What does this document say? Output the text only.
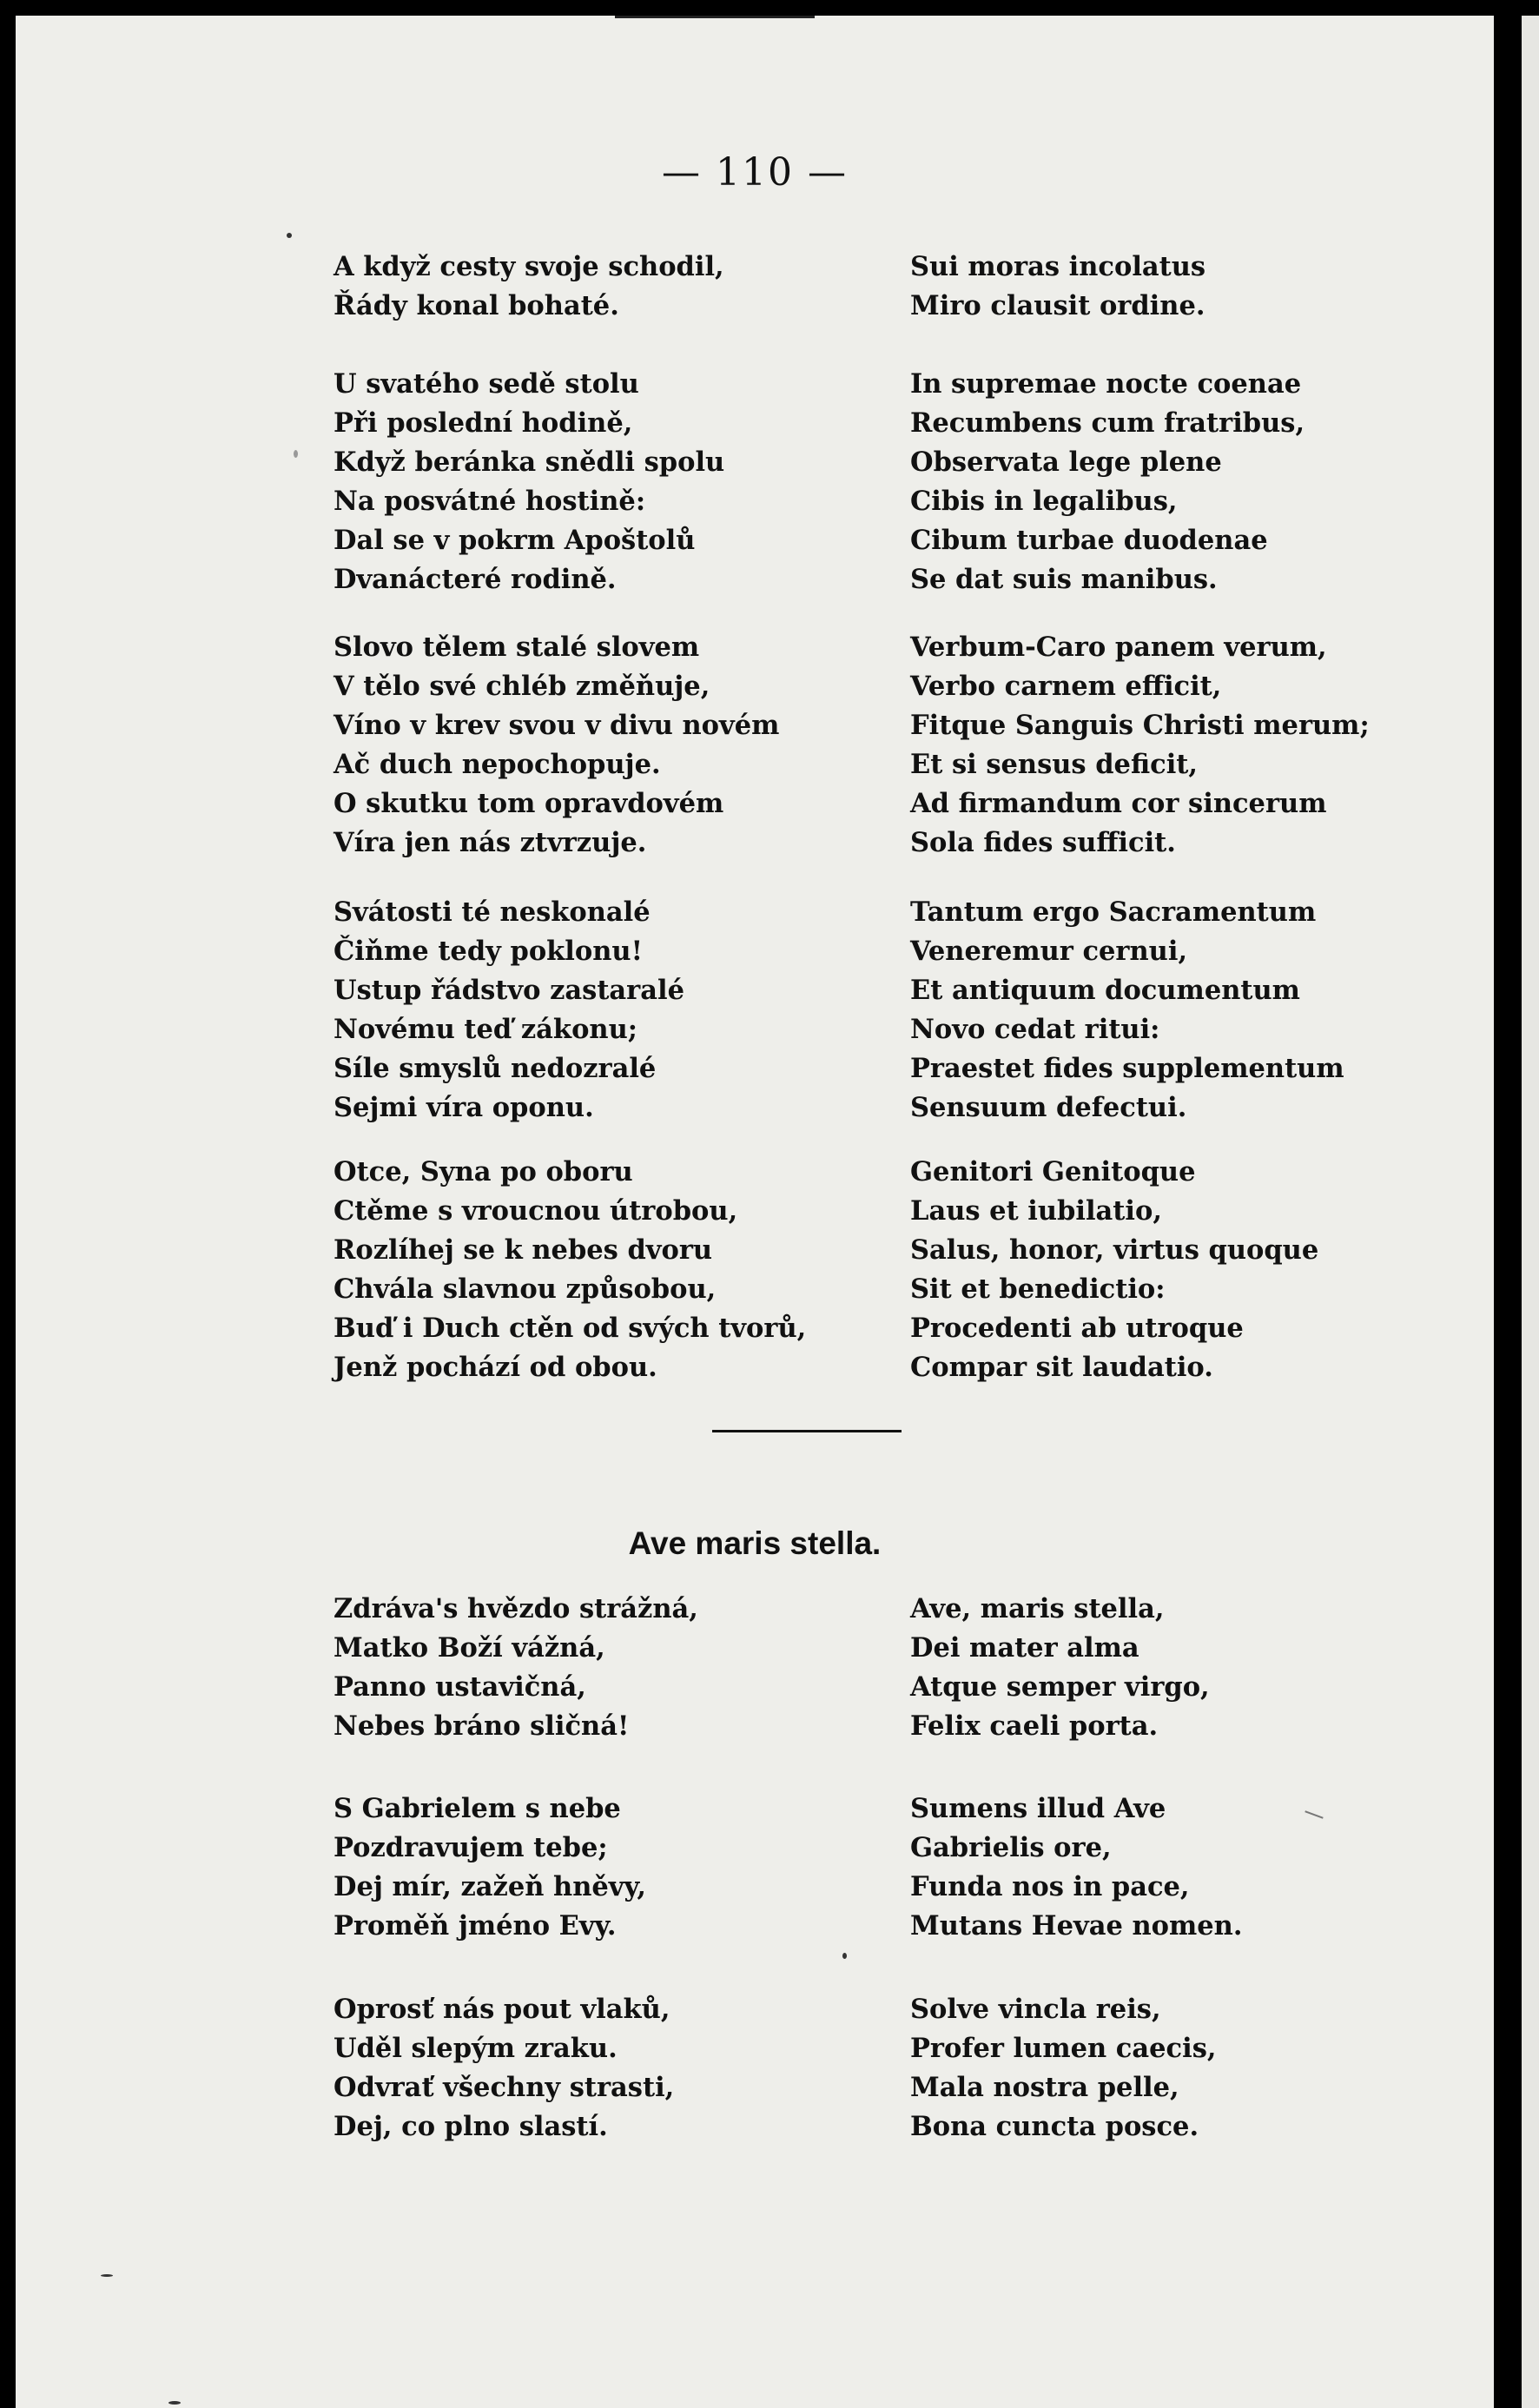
— 110 —
A když cesty svoje schodil,
Řády konal bohaté.
U svatého sedě stolu
Při poslední hodině,
Když beránka snědli spolu
Na posvátné hostině:
Dal se v pokrm Apoštolů
Dvanácteré rodině.
Slovo tělem stalé slovem
V tělo své chléb změňuje,
Víno v krev svou v divu novém
Ač duch nepochopuje.
O skutku tom opravdovém
Víra jen nás ztvrzuje.
Svátosti té neskonalé
Čiňme tedy poklonu!
Ustup řádstvo zastaralé
Novému teď zákonu;
Síle smyslů nedozralé
Sejmi víra oponu.
Otce, Syna po oboru
Ctěme s vroucnou útrobou,
Rozlíhej se k nebes dvoru
Chvála slavnou způsobou,
Buď i Duch ctěn od svých tvorů,
Jenž pochází od obou.
Sui moras incolatus
Miro clausit ordine.
In supremae nocte coenae
Recumbens cum fratribus,
Observata lege plene
Cibis in legalibus,
Cibum turbae duodenae
Se dat suis manibus.
Verbum-Caro panem verum,
Verbo carnem efficit,
Fitque Sanguis Christi merum;
Et si sensus deficit,
Ad firmandum cor sincerum
Sola fides sufficit.
Tantum ergo Sacramentum
Veneremur cernui,
Et antiquum documentum
Novo cedat ritui:
Praestet fides supplementum
Sensuum defectui.
Genitori Genitoque
Laus et iubilatio,
Salus, honor, virtus quoque
Sit et benedictio:
Procedenti ab utroque
Compar sit laudatio.
Ave maris stella.
Zdráva's hvězdo strážná,
Matko Boží vážná,
Panno ustavičná,
Nebes bráno sličná!
S Gabrielem s nebe
Pozdravujem tebe;
Dej mír, zažeň hněvy,
Proměň jméno Evy.
Oprosť nás pout vlaků,
Uděl slepým zraku.
Odvrať všechny strasti,
Dej, co plno slastí.
Ave, maris stella,
Dei mater alma
Atque semper virgo,
Felix caeli porta.
Sumens illud Ave
Gabrielis ore,
Funda nos in pace,
Mutans Hevae nomen.
Solve vincla reis,
Profer lumen caecis,
Mala nostra pelle,
Bona cuncta posce.
